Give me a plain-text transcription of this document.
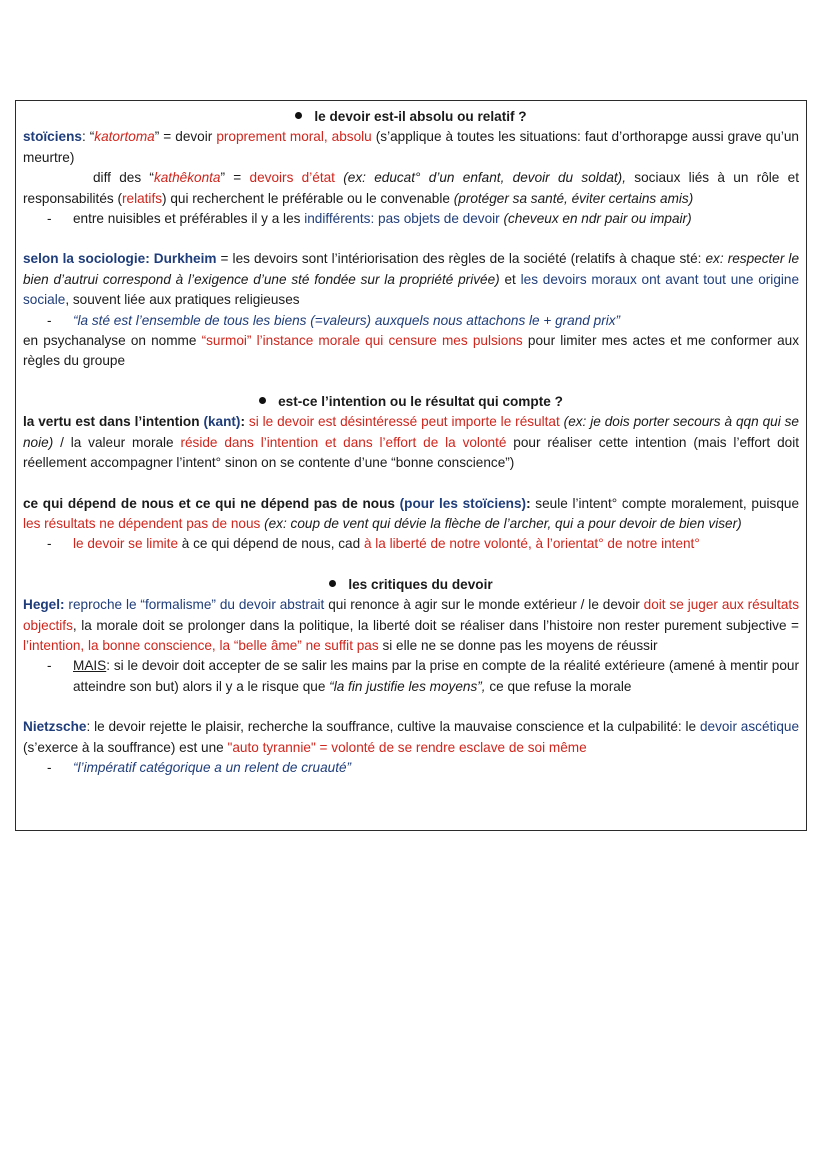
le devoir est-il absolu ou relatif ?

stoïciens: “katortoma” = devoir proprement moral, absolu (s’applique à toutes les situations: faut d’orthorapge aussi grave qu’un meurtre)

diff des “kathêkonta” = devoirs d’état (ex: educat° d’un enfant, devoir du soldat), sociaux liés à un rôle et responsabilités (relatifs) qui recherchent le préférable ou le convenable (protéger sa santé, éviter certains amis)

- entre nuisibles et préférables il y a les indifférents: pas objets de devoir (cheveux en ndr pair ou impair)

selon la sociologie: Durkheim = les devoirs sont l’intériorisation des règles de la société (relatifs à chaque sté: ex: respecter le bien d’autrui correspond à l’exigence d’une sté fondée sur la propriété privée) et les devoirs moraux ont avant tout une origine sociale, souvent liée aux pratiques religieuses

- “la sté est l’ensemble de tous les biens (=valeurs) auxquels nous attachons le + grand prix”

en psychanalyse on nomme “surmoi” l’instance morale qui censure mes pulsions pour limiter mes actes et me conformer aux règles du groupe

est-ce l’intention ou le résultat qui compte ?

la vertu est dans l’intention (kant): si le devoir est désintéressé peut importe le résultat (ex: je dois porter secours à qqn qui se noie) / la valeur morale réside dans l’intention et dans l’effort de la volonté pour réaliser cette intention (mais l’effort doit réellement accompagner l’intent° sinon on se contente d’une “bonne conscience”)

ce qui dépend de nous et ce qui ne dépend pas de nous (pour les stoïciens): seule l’intent° compte moralement, puisque les résultats ne dépendent pas de nous (ex: coup de vent qui dévie la flèche de l’archer, qui a pour devoir de bien viser)

- le devoir se limite à ce qui dépend de nous, cad à la liberté de notre volonté, à l’orientat° de notre intent°

les critiques du devoir

Hegel: reproche le “formalisme” du devoir abstrait qui renonce à agir sur le monde extérieur / le devoir doit se juger aux résultats objectifs, la morale doit se prolonger dans la politique, la liberté doit se réaliser dans l’histoire non rester purement subjective = l’intention, la bonne conscience, la “belle âme” ne suffit pas si elle ne se donne pas les moyens de réussir

- MAIS: si le devoir doit accepter de se salir les mains par la prise en compte de la réalité extérieure (amené à mentir pour atteindre son but) alors il y a le risque que “la fin justifie les moyens”, ce que refuse la morale

Nietzsche: le devoir rejette le plaisir, recherche la souffrance, cultive la mauvaise conscience et la culpabilité: le devoir ascétique (s’exerce à la souffrance) est une "auto tyrannie" = volonté de se rendre esclave de soi même

- “l’impératif catégorique a un relent de cruauté”
